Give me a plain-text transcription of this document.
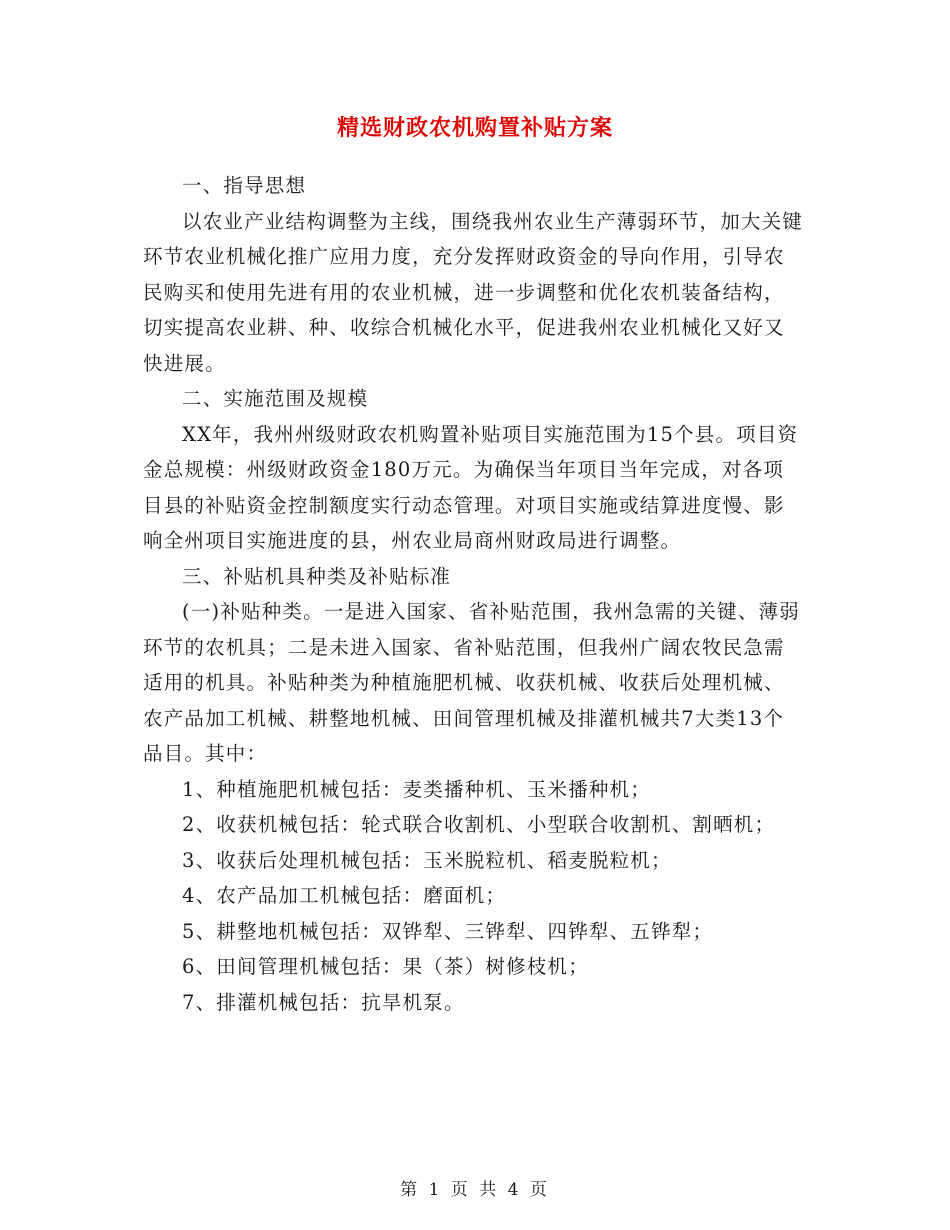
精选财政农机购置补贴方案

一、指导思想

以农业产业结构调整为主线，围绕我州农业生产薄弱环节，加大关键环节农业机械化推广应用力度，充分发挥财政资金的导向作用，引导农民购买和使用先进有用的农业机械，进一步调整和优化农机装备结构，切实提高农业耕、种、收综合机械化水平，促进我州农业机械化又好又快进展。

二、实施范围及规模

XX年，我州州级财政农机购置补贴项目实施范围为15个县。项目资金总规模：州级财政资金180万元。为确保当年项目当年完成，对各项目县的补贴资金控制额度实行动态管理。对项目实施或结算进度慢、影响全州项目实施进度的县，州农业局商州财政局进行调整。

三、补贴机具种类及补贴标准

(一)补贴种类。一是进入国家、省补贴范围，我州急需的关键、薄弱环节的农机具；二是未进入国家、省补贴范围，但我州广阔农牧民急需适用的机具。补贴种类为种植施肥机械、收获机械、收获后处理机械、农产品加工机械、耕整地机械、田间管理机械及排灌机械共7大类13个品目。其中：

1、种植施肥机械包括：麦类播种机、玉米播种机；

2、收获机械包括：轮式联合收割机、小型联合收割机、割晒机；

3、收获后处理机械包括：玉米脱粒机、稻麦脱粒机；

4、农产品加工机械包括：磨面机；

5、耕整地机械包括：双铧犁、三铧犁、四铧犁、五铧犁；

6、田间管理机械包括：果（茶）树修枝机；

7、排灌机械包括：抗旱机泵。

第 1 页 共 4 页
